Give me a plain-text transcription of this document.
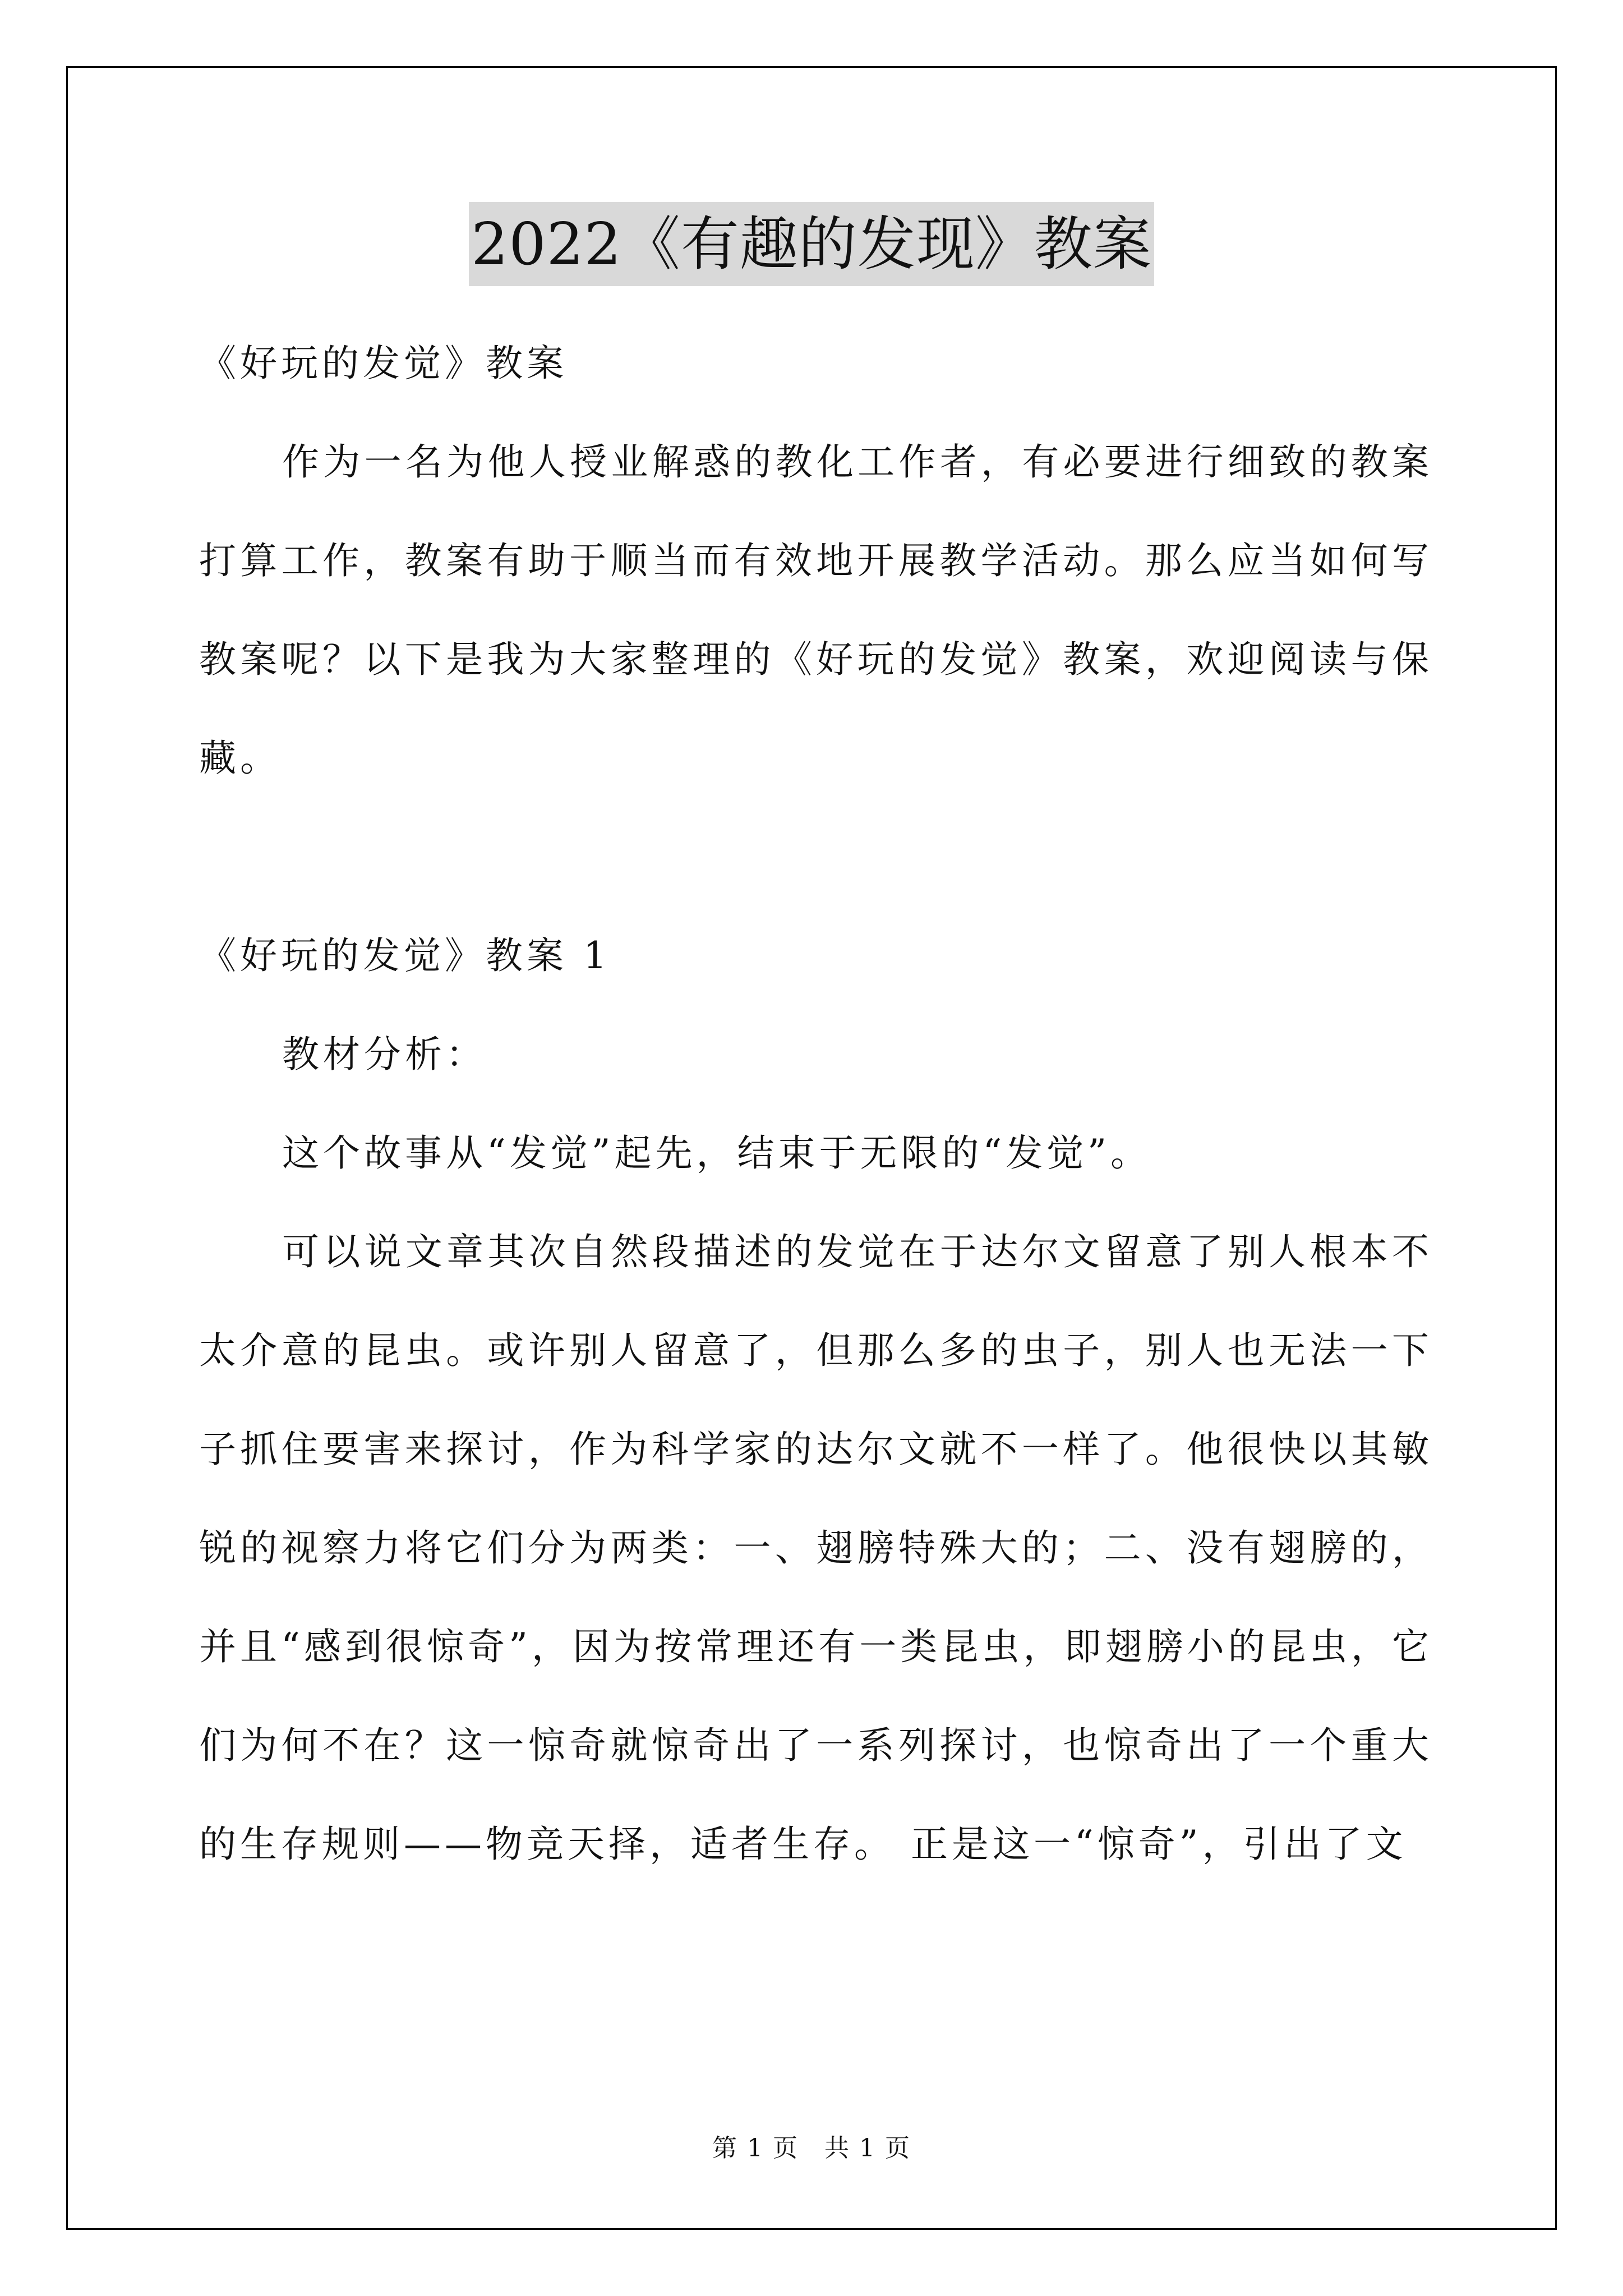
2022《有趣的发现》教案

《好玩的发觉》教案

作为一名为他人授业解惑的教化工作者，有必要进行细致的教案打算工作，教案有助于顺当而有效地开展教学活动。那么应当如何写教案呢？以下是我为大家整理的《好玩的发觉》教案，欢迎阅读与保藏。

《好玩的发觉》教案 1

教材分析：

这个故事从“发觉”起先，结束于无限的“发觉”。

可以说文章其次自然段描述的发觉在于达尔文留意了别人根本不太介意的昆虫。或许别人留意了，但那么多的虫子，别人也无法一下子抓住要害来探讨，作为科学家的达尔文就不一样了。他很快以其敏锐的视察力将它们分为两类：一、翅膀特殊大的；二、没有翅膀的，并且“感到很惊奇”，因为按常理还有一类昆虫，即翅膀小的昆虫，它们为何不在？这一惊奇就惊奇出了一系列探讨，也惊奇出了一个重大的生存规则——物竞天择，适者生存。 正是这一“惊奇”，引出了文

第 1 页　共 1 页
